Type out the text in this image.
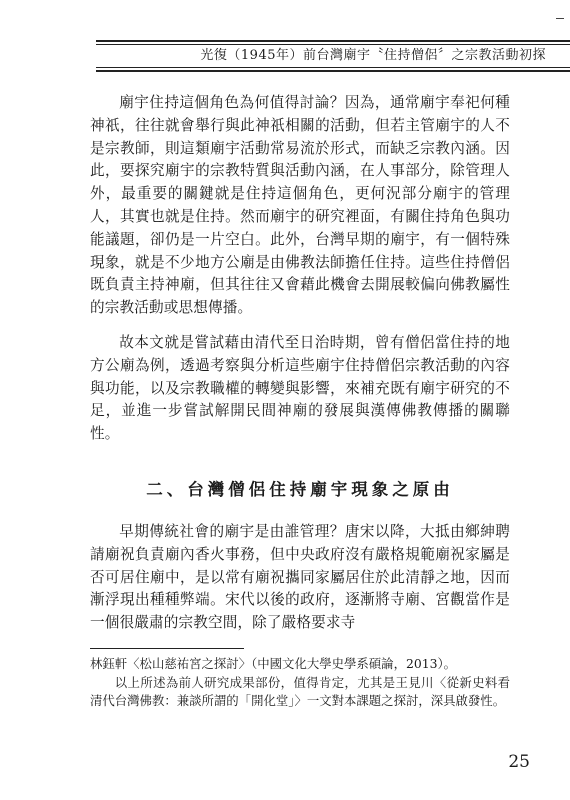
光復（1945年）前台灣廟宇〝住持僧侶〞之宗教活動初探

廟宇住持這個角色為何值得討論？因為，通常廟宇奉祀何種神祇，往往就會舉行與此神祇相關的活動，但若主管廟宇的人不是宗教師，則這類廟宇活動常易流於形式，而缺乏宗教內涵。因此，要探究廟宇的宗教特質與活動內涵，在人事部分，除管理人外，最重要的關鍵就是住持這個角色，更何況部分廟宇的管理人，其實也就是住持。然而廟宇的研究裡面，有關住持角色與功能議題，卻仍是一片空白。此外，台灣早期的廟宇，有一個特殊現象，就是不少地方公廟是由佛教法師擔任住持。這些住持僧侶既負責主持神廟，但其往往又會藉此機會去開展較偏向佛教屬性的宗教活動或思想傳播。

故本文就是嘗試藉由清代至日治時期，曾有僧侶當住持的地方公廟為例，透過考察與分析這些廟宇住持僧侶宗教活動的內容與功能，以及宗教職權的轉變與影響，來補充既有廟宇研究的不足，並進一步嘗試解開民間神廟的發展與漢傳佛教傳播的關聯性。

二、台灣僧侶住持廟宇現象之原由

早期傳統社會的廟宇是由誰管理？唐宋以降，大抵由鄉紳聘請廟祝負責廟內香火事務，但中央政府沒有嚴格規範廟祝家屬是否可居住廟中，是以常有廟祝攜同家屬居住於此清靜之地，因而漸浮現出種種弊端。宋代以後的政府，逐漸將寺廟、宮觀當作是一個很嚴肅的宗教空間，除了嚴格要求寺

林鈺軒〈松山慈祐宮之探討〉（中國文化大學史學系碩論，2013）。

以上所述為前人研究成果部份，值得肯定，尤其是王見川〈從新史料看清代台灣佛教：兼談所謂的「開化堂」〉一文對本課題之探討，深具啟發性。

25
